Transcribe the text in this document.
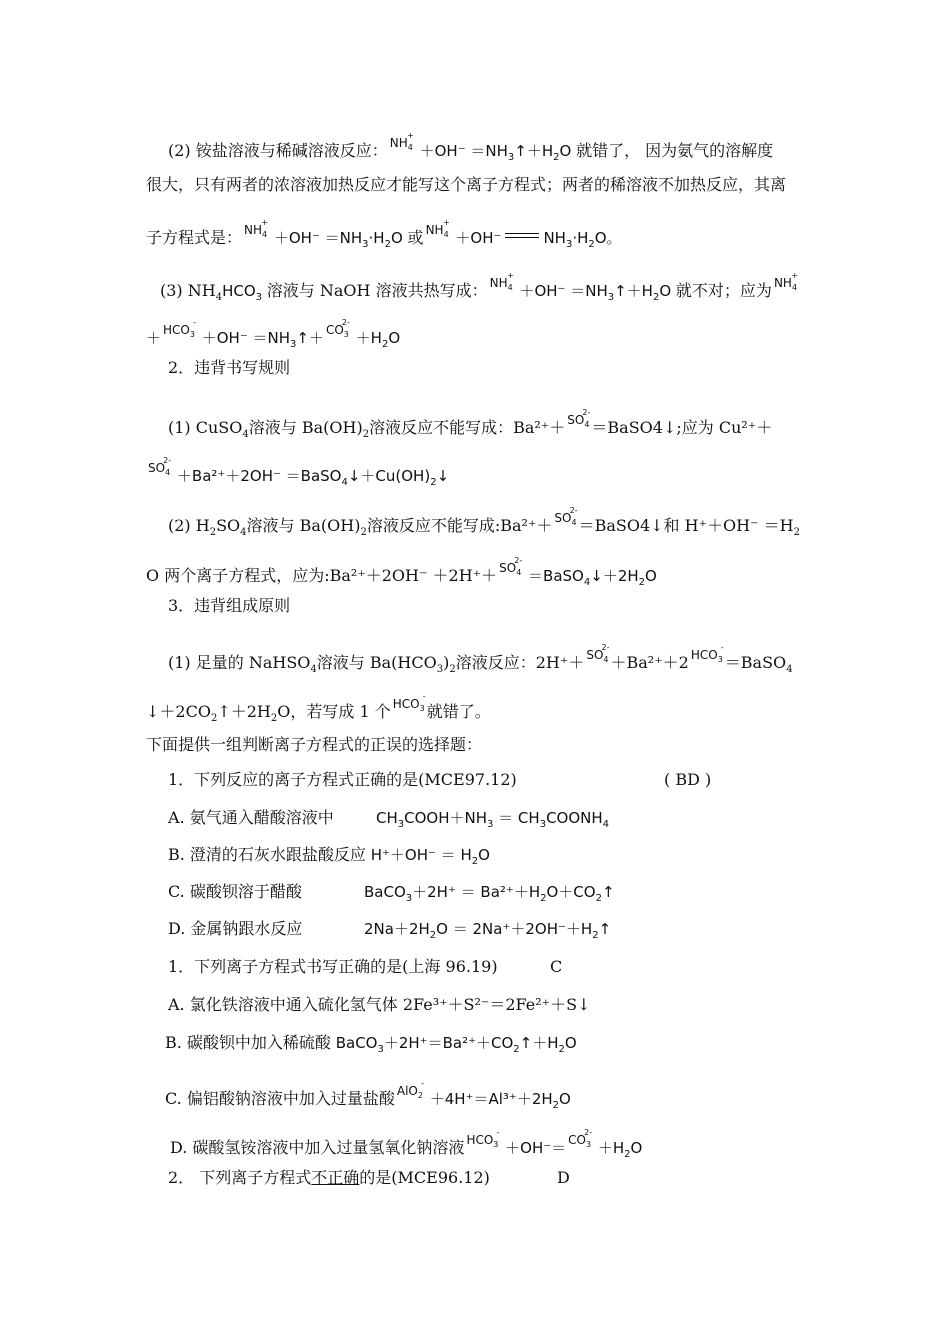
(2) 铵盐溶液与稀碱溶液反应： $NH_4$
+
$+OH^- =NH_3↑+H_2O$ 就错了， 因为氨气的溶解度
很大，只有两者的浓溶液加热反应才能写这个离子方程式；两者的稀溶液不加热反应，其离
子方程式是： $NH_4$
+
$+OH^- =NH_3\cdot H_2O$ 或 $NH_4$
+
＋OH⁻	$NH_3\cdot H_2O$。
(3) $NH_4HCO_3$ 溶液与 NaOH 溶液共热写成： $NH_4$
+
$+OH^- =NH_3↑+H_2O$ 就不对；应为 $NH_4$
+
＋ $HCO_3$
-
$+OH^- =NH_3↑+ CO_3$
2-
$+H_2O$
2．违背书写规则
(1) CuSO$_4$溶液与 $Ba(OH)_2$溶液反应不能写成：$Ba^{2+}+ SO_4$
2-
＝BaSO4↓;应为 Cu²⁺＋
$SO_4$
2-
$+Ba^{2+}+2OH^- =BaSO_4↓+Cu(OH)_2↓$
(2) $H_2SO_4$溶液与 $Ba(OH)_2$溶液反应不能写成:Ba²⁺＋ $SO_4$
2-
＝BaSO4↓和 $H^++OH^- =H_2$
O 两个离子方程式，应为:Ba²⁺＋2OH⁻ $+2H^++ SO_4$
2-
$=BaSO_4↓+2H_2O$
3．违背组成原则
(1) 足量的 NaHSO$_4$溶液与 $Ba(HCO_3)_2$溶液反应：$2H^++ SO_4$
2-
＋Ba²⁺＋2 $HCO_3$
-
＝BaSO$_4$
$↓+2CO_2↑+2H_2O$，若写成 1 个 $HCO_3$
-
就错了。
下面提供一组判断离子方程式的正误的选择题：
1．下列反应的离子方程式正确的是(MCE97.12)	( BD )
A. 氨气通入醋酸溶液中	$CH_3COOH+NH_3$ ＝ $CH_3COONH_4$
B. 澄清的石灰水跟盐酸反应 $H^++OH^- = H_2O$
C. 碳酸钡溶于醋酸	BaCO$_3$＋2H⁺ ＝ $Ba^{2+}+H_2O+CO_2↑$
D. 金属钠跟水反应	$2Na+2H_2O$ ＝ $2Na^++2OH^-+H_2↑$
1．下列离子方程式书写正确的是(上海 96.19)	C
A. 氯化铁溶液中通入硫化氢气体 2Fe³⁺＋S²⁻＝2Fe²⁺＋S↓
B. 碳酸钡中加入稀硫酸 $BaCO_3+2H^+=Ba^{2+}+CO_2↑+H_2O$
C. 偏铝酸钠溶液中加入过量盐酸 AlO$_2$
-
$+4H^+=Al^{3+}+2H_2O$
D. 碳酸氢铵溶液中加入过量氢氧化钠溶液 $HCO_3$
-
$+OH^-= CO_3$
2-
$+H_2O$
2． 下列离子方程式不正确的是(MCE96.12)	D
